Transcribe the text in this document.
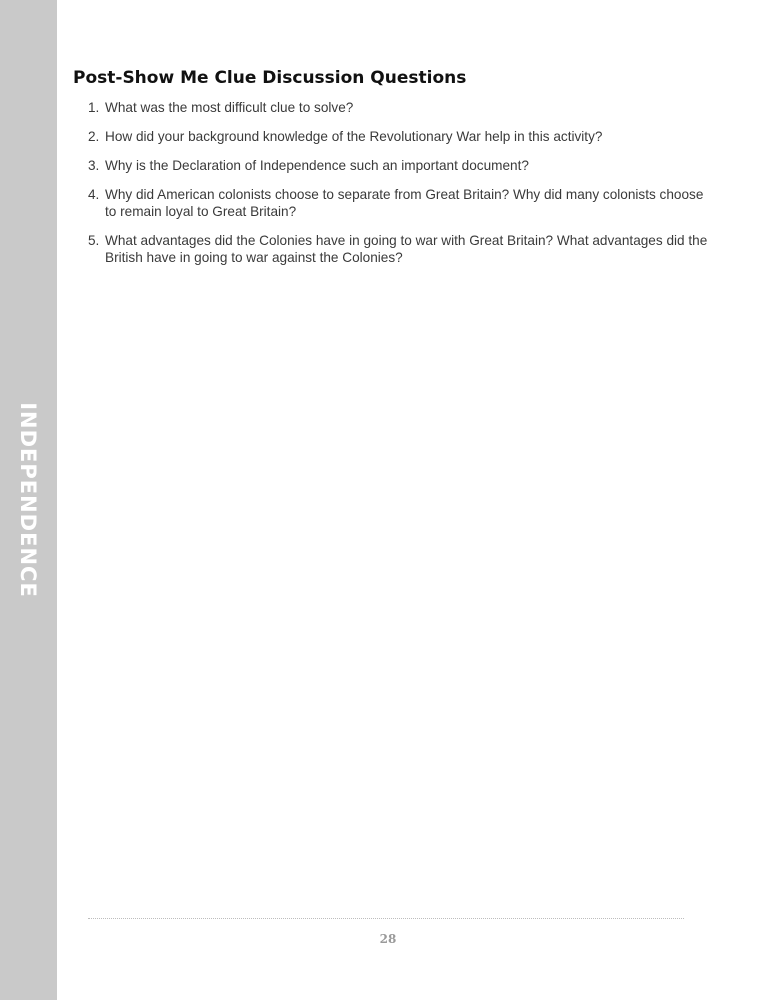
INDEPENDENCE
Post-Show Me Clue Discussion Questions
1. What was the most difficult clue to solve?
2. How did your background knowledge of the Revolutionary War help in this activity?
3. Why is the Declaration of Independence such an important document?
4. Why did American colonists choose to separate from Great Britain? Why did many colonists choose to remain loyal to Great Britain?
5. What advantages did the Colonies have in going to war with Great Britain? What advantages did the British have in going to war against the Colonies?
28
